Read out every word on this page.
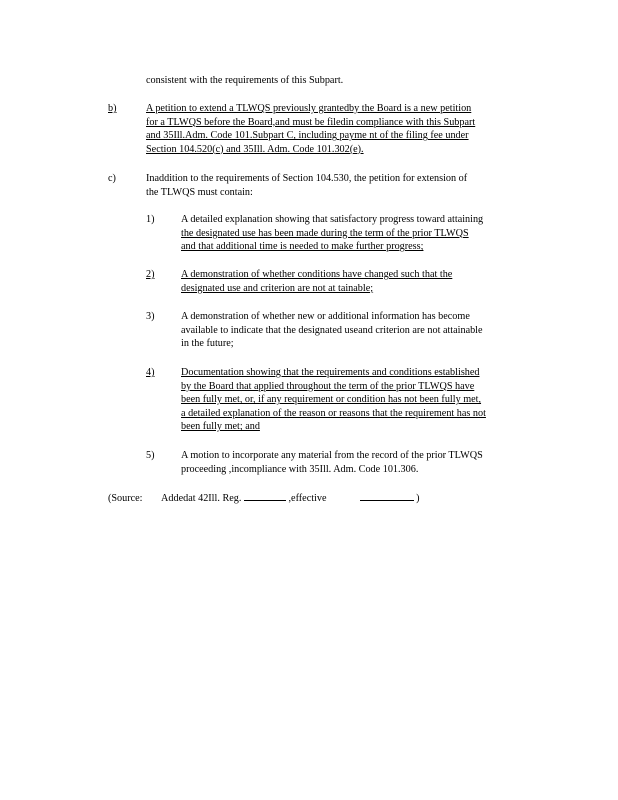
consistent with the requirements of this Subpart.

b)	A petition to extend a TLWQS previously grantedby the Board is a new petition
for a TLWQS before the Board,and must be filedin compliance with this Subpart
and 35Ill.Adm. Code 101.Subpart C, including payme nt of the filing fee under
Section 104.520(c) and 35Ill. Adm. Code 101.302(e).

c)	Inaddition to the requirements of Section 104.530, the petition for extension of
the TLWQS must contain:

1)	A detailed explanation showing that satisfactory progress toward attaining
the designated use has been made during the term of the prior TLWQS
and that additional time is needed to make further progress;

2)	A demonstration of whether conditions have changed such that the
designated use and criterion are not at tainable;

3)	A demonstration of whether new or additional information has become
available to indicate that the designated useand criterion are not attainable
in the future;

4)	Documentation showing that the requirements and conditions established
by the Board that applied throughout the term of the prior TLWQS have
been fully met, or, if any requirement or condition has not been fully met,
a detailed explanation of the reason or reasons that the requirement has not
been fully met; and

5)	A motion to incorporate any material from the record of the prior TLWQS
proceeding ,incompliance with 35Ill. Adm. Code 101.306.

(Source: Addedat 42Ill. Reg.	,effective	)
